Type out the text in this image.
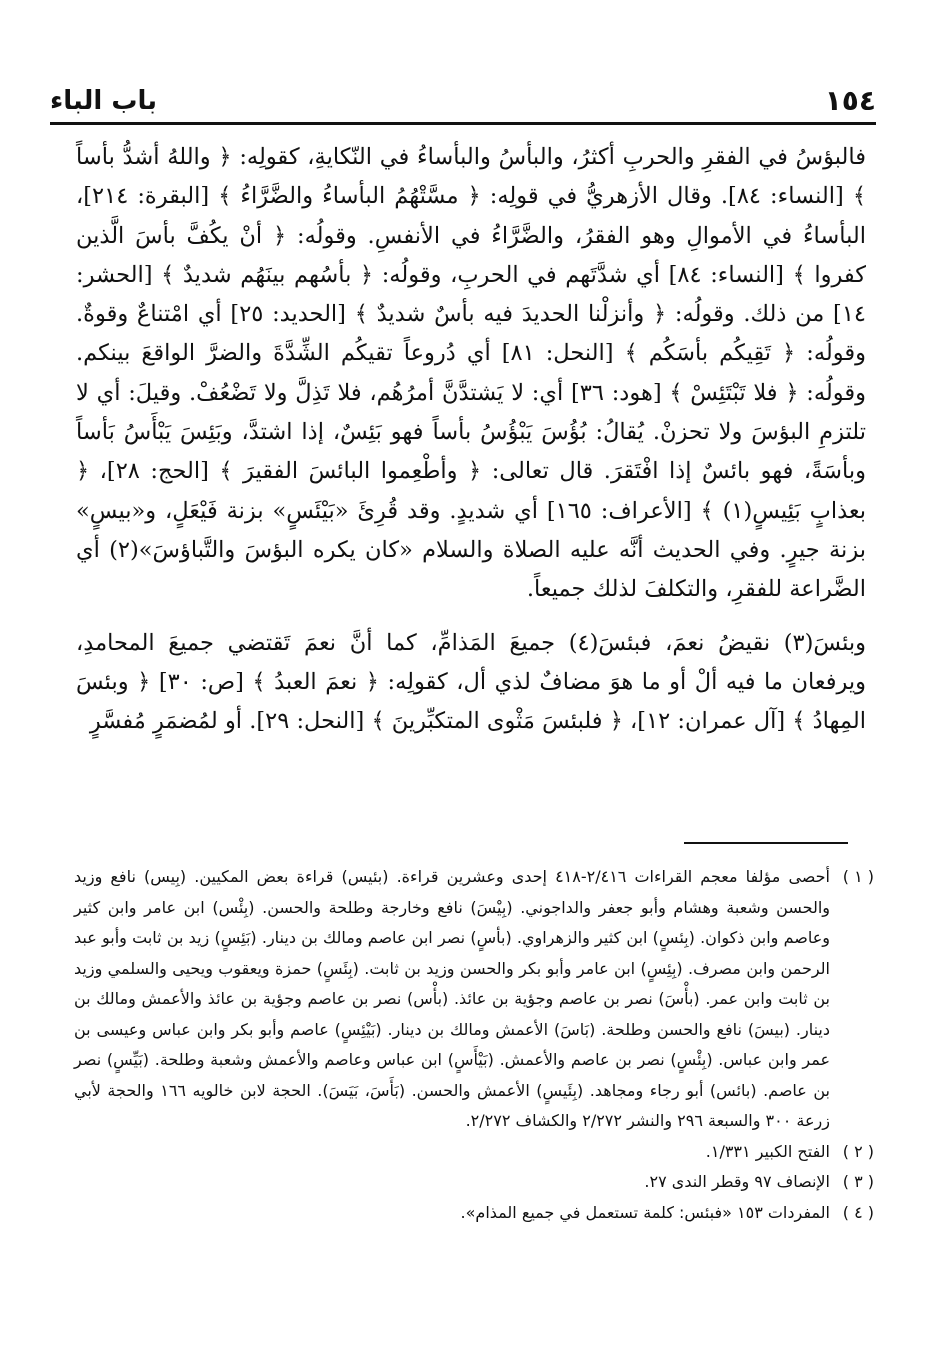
باب الباء	١٥٤

فالبؤسُ في الفقرِ والحربِ أكثرُ، والبأسُ والبأساءُ في النّكايةِ، كقولِه: ﴿ واللهُ أشدُّ بأساً ﴾ [النساء: ٨٤]. وقال الأزهريُّ في قولِه: ﴿ مسَّتْهُمُ البأساءُ والضَّرَّاءُ ﴾ [البقرة: ٢١٤]، البأساءُ في الأموالِ وهو الفقرُ، والضَّرَّاءُ في الأنفسِ. وقولُه: ﴿ أنْ يكُفَّ بأسَ الَّذين كفروا ﴾ [النساء: ٨٤] أي شدَّتَهم في الحربِ، وقولُه: ﴿ بأسُهم بينَهُم شديدٌ ﴾ [الحشر: ١٤] من ذلك. وقولُه: ﴿ وأنزلْنا الحديدَ فيه بأسٌ شديدٌ ﴾ [الحديد: ٢٥] أي امْتناعٌ وقوةٌ. وقولُه: ﴿ تَقِيكُم بأسَكُم ﴾ [النحل: ٨١] أي دُروعاً تقيكُم الشِّدَّةَ والضرَّ الواقعَ بينكم. وقولُه: ﴿ فلا تَبْتَئِسْ ﴾ [هود: ٣٦] أي: لا يَشتدَّنَّ أمرُهُم، فلا تَذِلَّ ولا تَضْعُفْ. وقيلَ: أي لا تلتزمِ البؤسَ ولا تحزنْ. يُقالُ: بُؤُسَ يَبْؤُسُ بأساً فهو بَئِسٌ، إذا اشتدَّ، وبَئِسَ يَبْأَسُ بَأساً وبأسَةً، فهو بائسٌ إذا افْتَقرَ. قال تعالى: ﴿ وأطْعِموا البائسَ الفقيرَ ﴾ [الحج: ٢٨]، ﴿ بعذابٍ بَئِيسٍ(١) ﴾ [الأعراف: ١٦٥] أي شديدٍ. وقد قُرِئَ «بَيْئَسٍ» بزنة فَيْعَلٍ، و«بيسٍ» بزنة جيرٍ. وفي الحديث أنَّه عليه الصلاة والسلام «كان يكره البؤسَ والتَّباؤسَ»(٢) أي الضَّراعة للفقرِ، والتكلفَ لذلك جميعاً.

وبئسَ(٣) نقيضُ نعمَ، فبئسَ(٤) جميعَ المَذامِّ، كما أنَّ نعمَ تَقتضي جميعَ المحامدِ، ويرفعان ما فيه ألْ أو ما هوَ مضافٌ لذي أل، كقولِه: ﴿ نعمَ العبدُ ﴾ [ص: ٣٠] ﴿ وبئسَ المِهادُ ﴾ [آل عمران: ١٢]، ﴿ فلبئسَ مَثْوى المتكبِّرينَ ﴾ [النحل: ٢٩]. أو لمُضمَرٍ مُفسَّرٍ

( ١ )
أحصى مؤلفا معجم القراءات ٢/٤١٦-٤١٨ إحدى وعشرين قراءة. (بئيس) قراءة بعض المكيين. (بِيس) نافع وزيد والحسن وشعبة وهشام وأبو جعفر والداجوني. (بِيْسَ) نافع وخارجة وطلحة والحسن. (بِئْس) ابن عامر وابن كثير وعاصم وابن ذكوان. (بِئسٍ) ابن كثير والزهراوي. (بأسٍ) نصر ابن عاصم ومالك بن دينار. (بَئِسٍ) زيد بن ثابت وأبو عبد الرحمن وابن مصرف. (بِئِسٍ) ابن عامر وأبو بكر والحسن وزيد بن ثابت. (بِئَسٍ) حمزة ويعقوب ويحيى والسلمي وزيد بن ثابت وابن عمر. (بأْسَ) نصر بن عاصم وجؤية بن عائذ. (بأْس) نصر بن عاصم وجؤية بن عائذ والأعمش ومالك بن دينار. (بيسَ) نافع والحسن وطلحة. (بَاسَ) الأعمش ومالك بن دينار. (بَيْئِسٍ) عاصم وأبو بكر وابن عباس وعيسى بن عمر وابن عباس. (بِئْسٍ) نصر بن عاصم والأعمش. (بَيْأَسٍ) ابن عباس وعاصم والأعمش وشعبة وطلحة. (بَيِّسٍ) نصر بن عاصم. (بائس) أبو رجاء ومجاهد. (بِئَيسٍ) الأعمش والحسن. (بَأَسَ، بَيَسَ). الحجة لابن خالويه ١٦٦ والحجة لأبي زرعة ٣٠٠ والسبعة ٢٩٦ والنشر ٢/٢٧٢ والكشاف ٢/٢٧٢.
( ٢ )
الفتح الكبير ١/٣٣١.
( ٣ )
الإنصاف ٩٧ وقطر الندى ٢٧.
( ٤ )
المفردات ١٥٣ «فبئس: كلمة تستعمل في جميع المذام».
